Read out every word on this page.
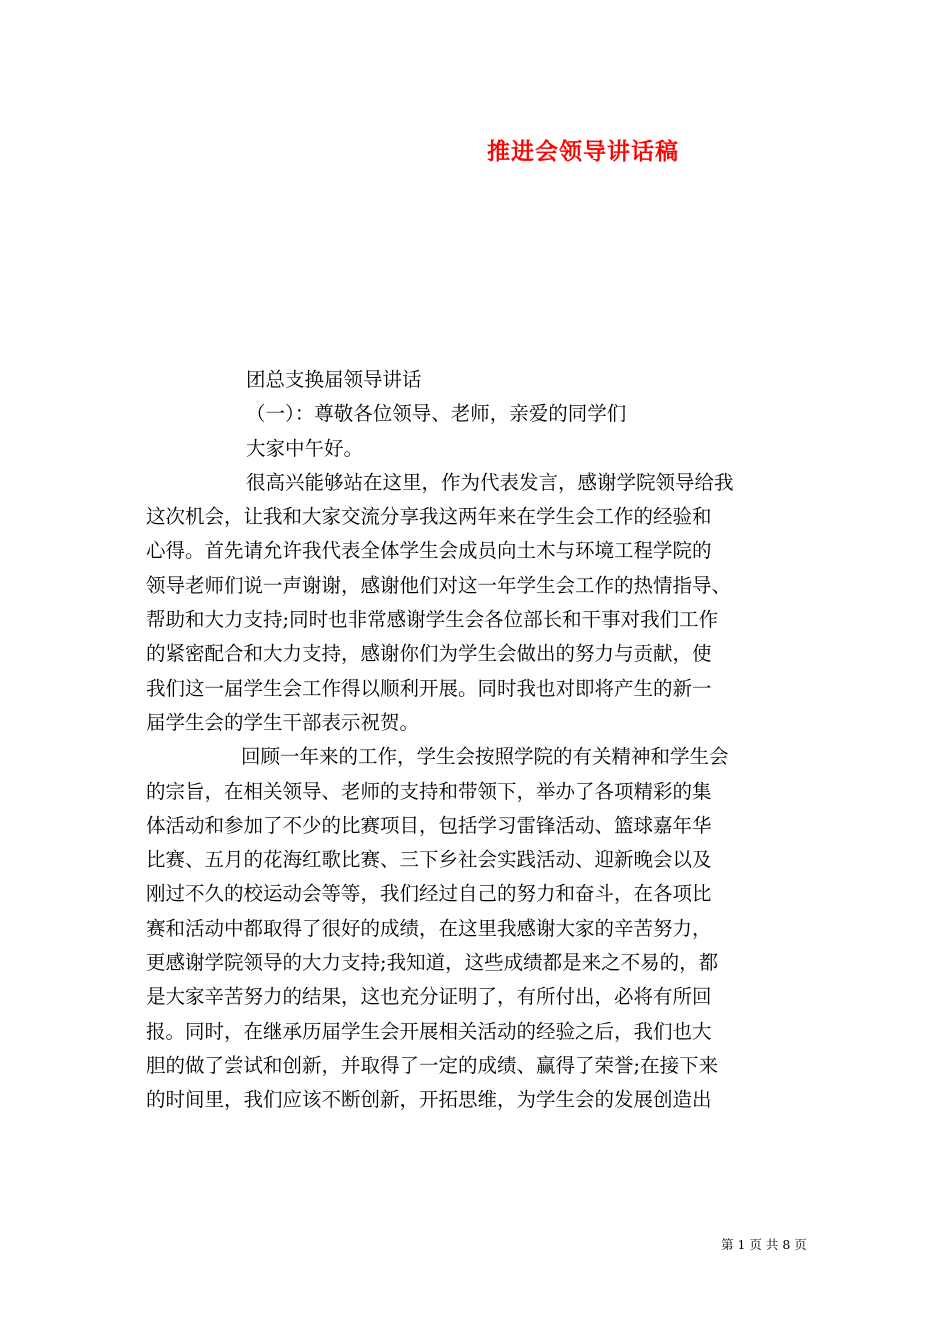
推进会领导讲话稿
团总支换届领导讲话
（一）：尊敬各位领导、老师，亲爱的同学们
大家中午好。
很高兴能够站在这里，作为代表发言，感谢学院领导给我
这次机会，让我和大家交流分享我这两年来在学生会工作的经验和
心得。首先请允许我代表全体学生会成员向土木与环境工程学院的
领导老师们说一声谢谢，感谢他们对这一年学生会工作的热情指导、
帮助和大力支持;同时也非常感谢学生会各位部长和干事对我们工作
的紧密配合和大力支持，感谢你们为学生会做出的努力与贡献，使
我们这一届学生会工作得以顺利开展。同时我也对即将产生的新一
届学生会的学生干部表示祝贺。
回顾一年来的工作，学生会按照学院的有关精神和学生会
的宗旨，在相关领导、老师的支持和带领下，举办了各项精彩的集
体活动和参加了不少的比赛项目，包括学习雷锋活动、篮球嘉年华
比赛、五月的花海红歌比赛、三下乡社会实践活动、迎新晚会以及
刚过不久的校运动会等等，我们经过自己的努力和奋斗，在各项比
赛和活动中都取得了很好的成绩，在这里我感谢大家的辛苦努力，
更感谢学院领导的大力支持;我知道，这些成绩都是来之不易的，都
是大家辛苦努力的结果，这也充分证明了，有所付出，必将有所回
报。同时，在继承历届学生会开展相关活动的经验之后，我们也大
胆的做了尝试和创新，并取得了一定的成绩、赢得了荣誉;在接下来
的时间里，我们应该不断创新，开拓思维，为学生会的发展创造出
第 1 页 共 8 页
